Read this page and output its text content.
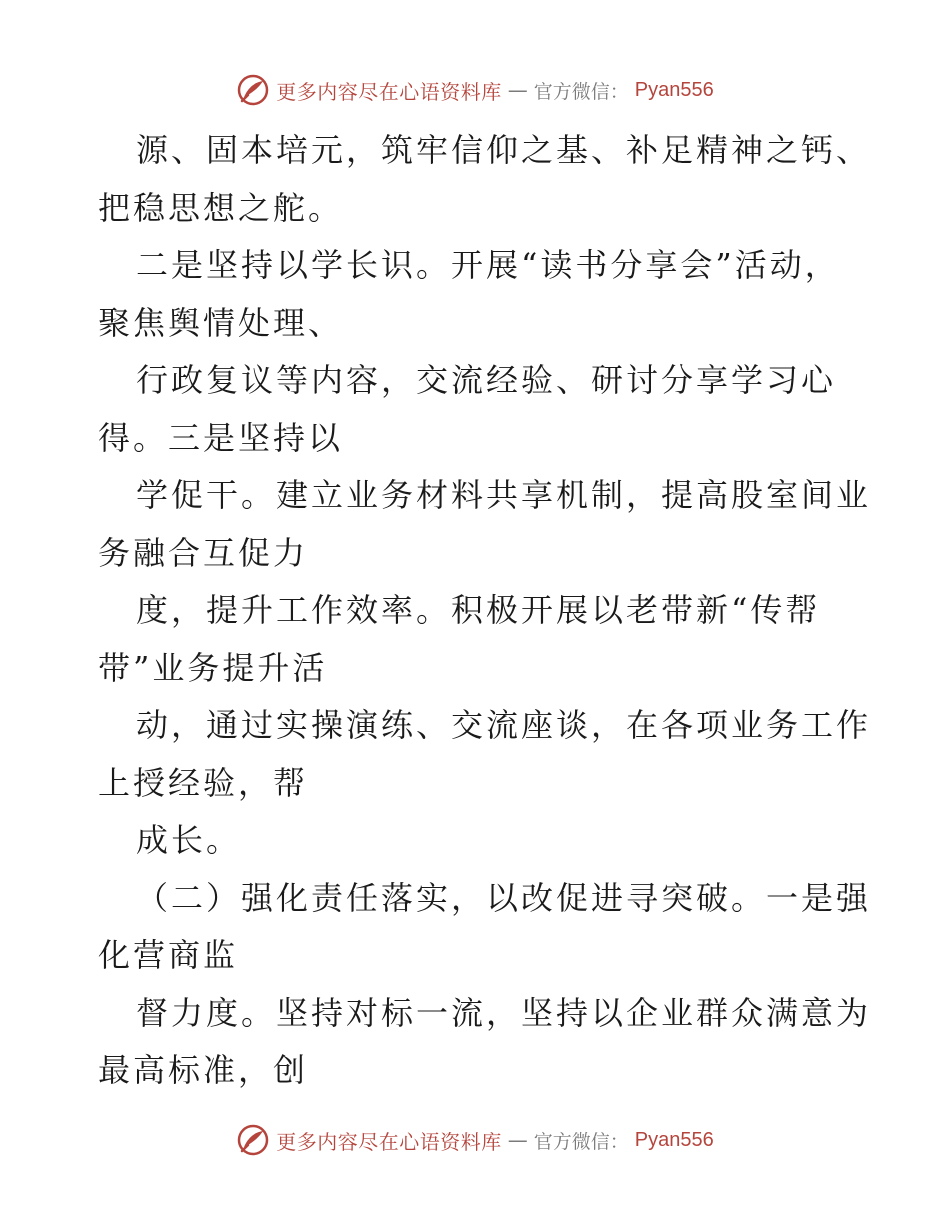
更多内容尽在心语资料库 — 官方微信： Pyan556
源、固本培元，筑牢信仰之基、补足精神之钙、
把稳思想之舵。
二是坚持以学长识。开展“读书分享会”活动，
聚焦舆情处理、
行政复议等内容，交流经验、研讨分享学习心
得。三是坚持以
学促干。建立业务材料共享机制，提高股室间业
务融合互促力
度，提升工作效率。积极开展以老带新“传帮
带”业务提升活
动，通过实操演练、交流座谈，在各项业务工作
上授经验，帮
成长。
（二）强化责任落实，以改促进寻突破。一是强
化营商监
督力度。坚持对标一流，坚持以企业群众满意为
最高标准，创
更多内容尽在心语资料库 — 官方微信： Pyan556
